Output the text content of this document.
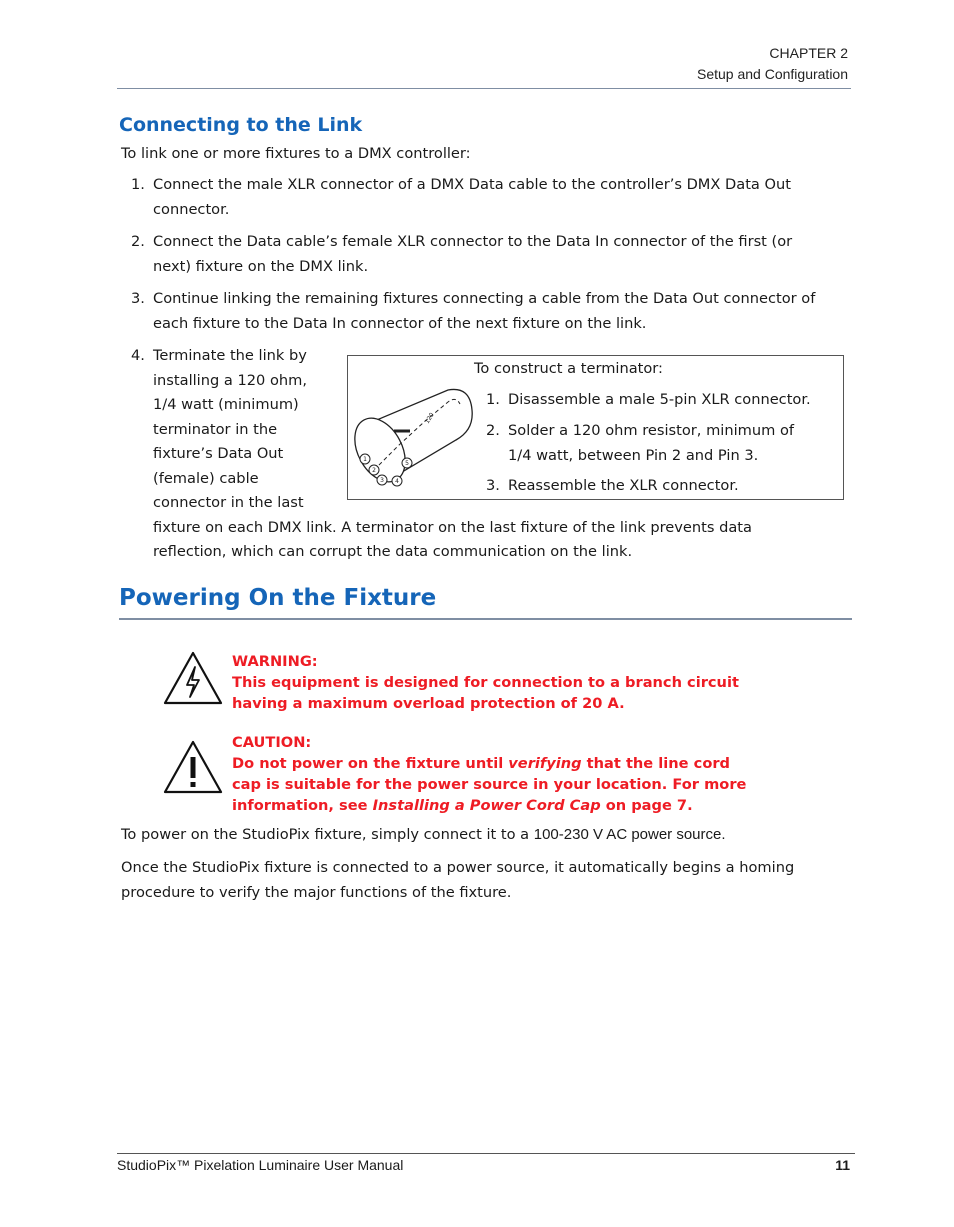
CHAPTER 2
Setup and Configuration
Connecting to the Link
To link one or more fixtures to a DMX controller:
1. Connect the male XLR connector of a DMX Data cable to the controller’s DMX Data Out
connector.
2. Connect the Data cable’s female XLR connector to the Data In connector of the first (or
next) fixture on the DMX link.
3. Continue linking the remaining fixtures connecting a cable from the Data Out connector of
each fixture to the Data In connector of the next fixture on the link.
4. Terminate the link by
installing a 120 ohm,
1/4 watt (minimum)
terminator in the
fixture’s Data Out
(female) cable
connector in the last
fixture on each DMX link. A terminator on the last fixture of the link prevents data
reflection, which can corrupt the data communication on the link.
120
1
2
3 4
5
To construct a terminator:
1. Disassemble a male 5-pin XLR connector.
2. Solder a 120 ohm resistor, minimum of
1/4 watt, between Pin 2 and Pin 3.
3. Reassemble the XLR connector.
Powering On the Fixture
WARNING:
This equipment is designed for connection to a branch circuit
having a maximum overload protection of 20 A.
CAUTION:
Do not power on the fixture until verifying that the line cord
cap is suitable for the power source in your location. For more
information, see Installing a Power Cord Cap on page 7.
To power on the StudioPix fixture, simply connect it to a 100-230 V AC power source.
Once the StudioPix fixture is connected to a power source, it automatically begins a homing
procedure to verify the major functions of the fixture.
StudioPix™ Pixelation Luminaire User Manual	11
